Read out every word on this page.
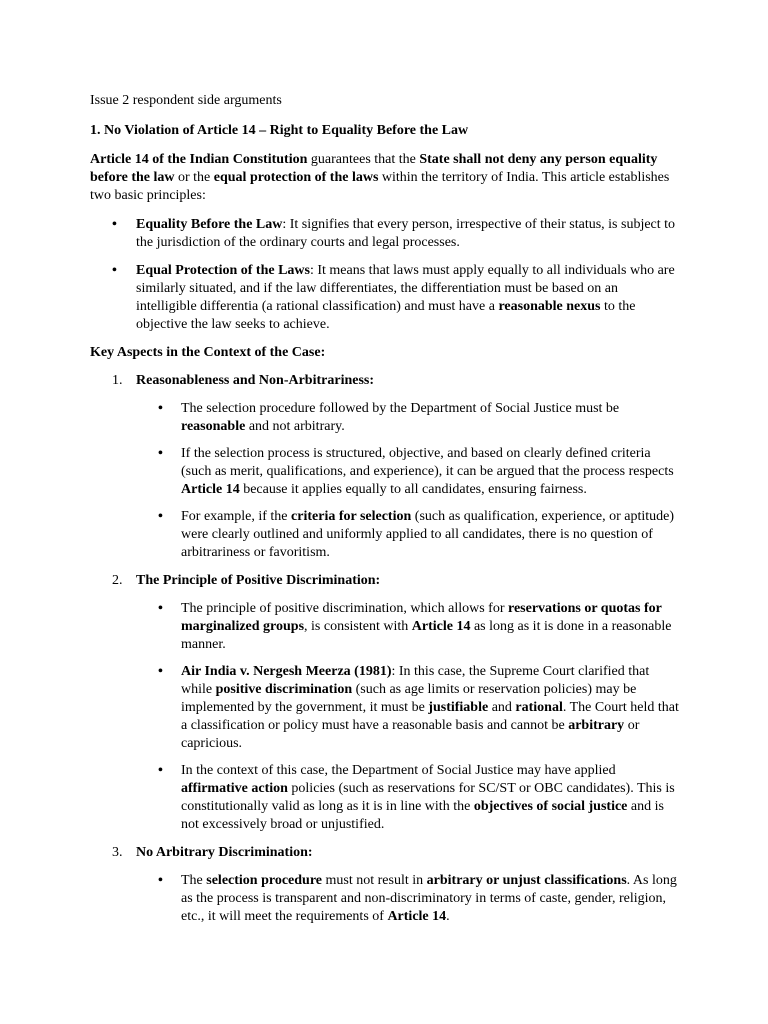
Issue 2 respondent side arguments

1. No Violation of Article 14 – Right to Equality Before the Law

Article 14 of the Indian Constitution guarantees that the State shall not deny any person equality before the law or the equal protection of the laws within the territory of India. This article establishes two basic principles:

• Equality Before the Law: It signifies that every person, irrespective of their status, is subject to the jurisdiction of the ordinary courts and legal processes.
• Equal Protection of the Laws: It means that laws must apply equally to all individuals who are similarly situated, and if the law differentiates, the differentiation must be based on an intelligible differentia (a rational classification) and must have a reasonable nexus to the objective the law seeks to achieve.

Key Aspects in the Context of the Case:

1. Reasonableness and Non-Arbitrariness:

• The selection procedure followed by the Department of Social Justice must be reasonable and not arbitrary.
• If the selection process is structured, objective, and based on clearly defined criteria (such as merit, qualifications, and experience), it can be argued that the process respects Article 14 because it applies equally to all candidates, ensuring fairness.
• For example, if the criteria for selection (such as qualification, experience, or aptitude) were clearly outlined and uniformly applied to all candidates, there is no question of arbitrariness or favoritism.
2. The Principle of Positive Discrimination:

• The principle of positive discrimination, which allows for reservations or quotas for marginalized groups, is consistent with Article 14 as long as it is done in a reasonable manner.
• Air India v. Nergesh Meerza (1981): In this case, the Supreme Court clarified that while positive discrimination (such as age limits or reservation policies) may be implemented by the government, it must be justifiable and rational. The Court held that a classification or policy must have a reasonable basis and cannot be arbitrary or capricious.
• In the context of this case, the Department of Social Justice may have applied affirmative action policies (such as reservations for SC/ST or OBC candidates). This is constitutionally valid as long as it is in line with the objectives of social justice and is not excessively broad or unjustified.
3. No Arbitrary Discrimination:

• The selection procedure must not result in arbitrary or unjust classifications. As long as the process is transparent and non-discriminatory in terms of caste, gender, religion, etc., it will meet the requirements of Article 14.
